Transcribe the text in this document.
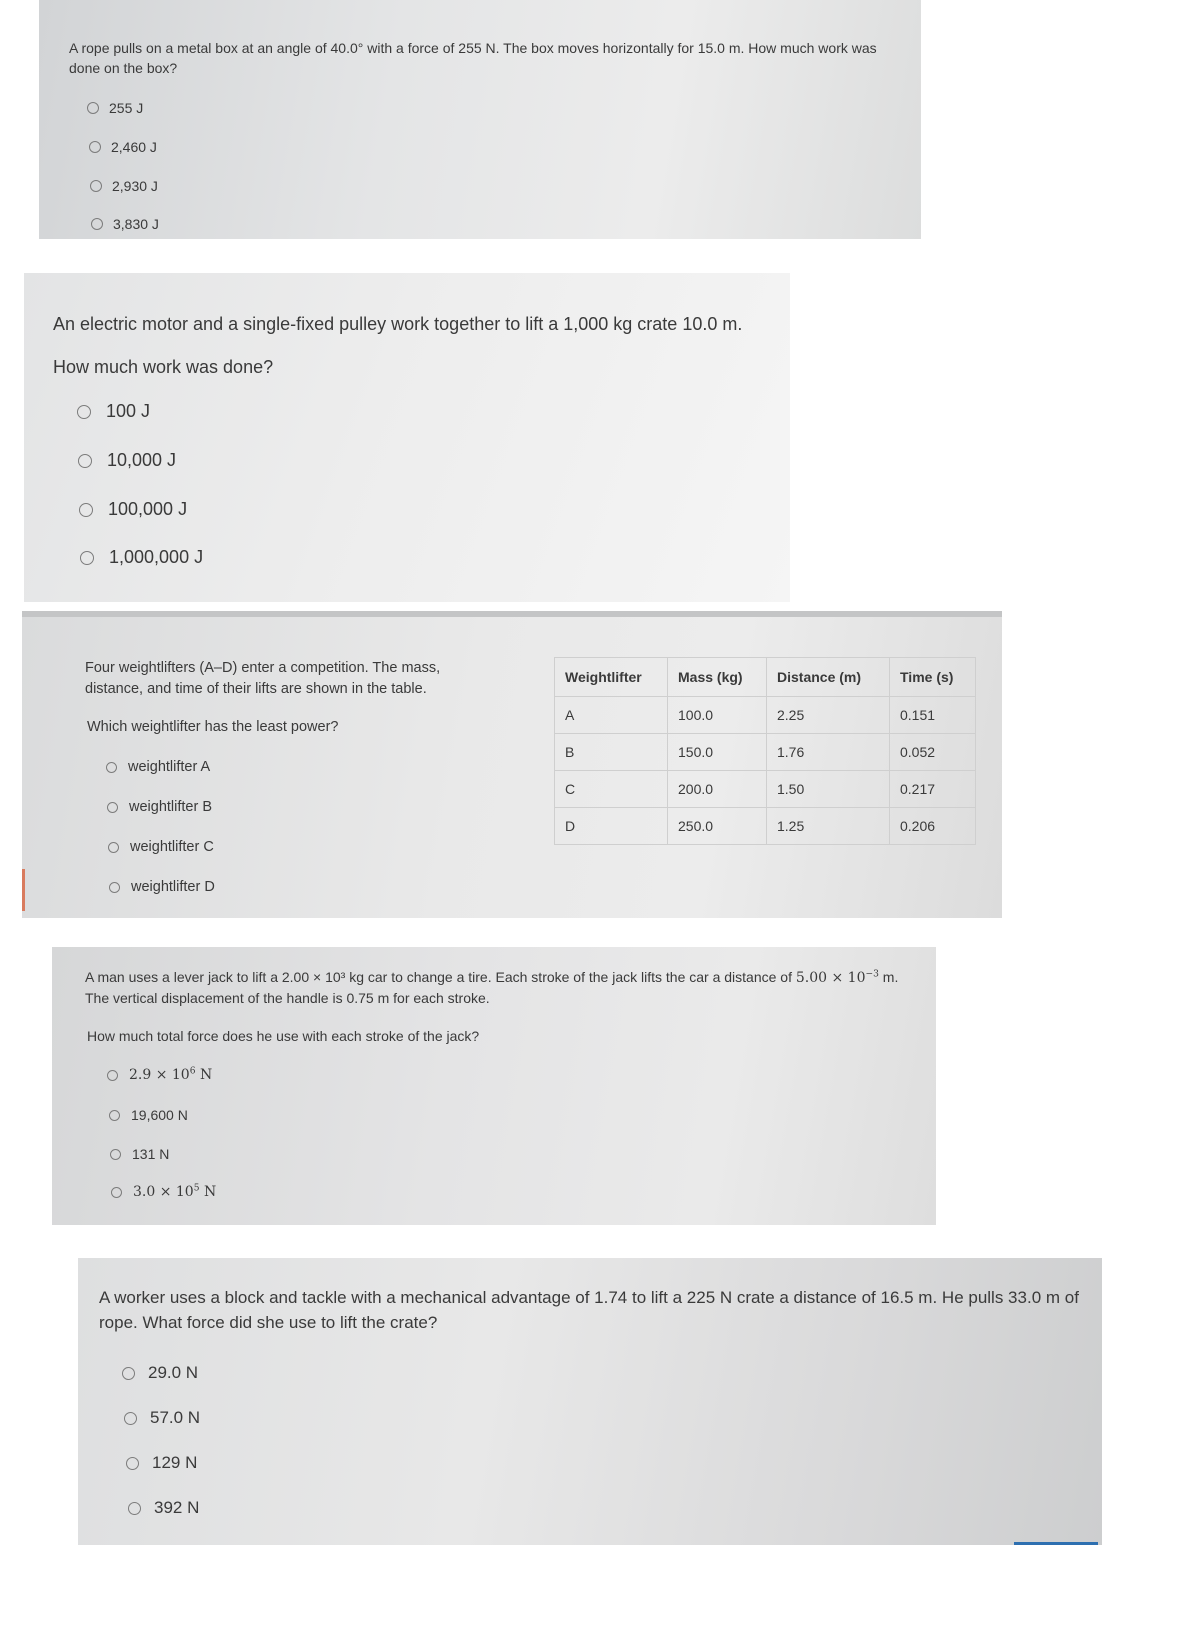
A rope pulls on a metal box at an angle of 40.0° with a force of 255 N. The box moves horizontally for 15.0 m. How much work was done on the box?

255 J
2,460 J
2,930 J
3,830 J

An electric motor and a single-fixed pulley work together to lift a 1,000 kg crate 10.0 m.

How much work was done?

100 J
10,000 J
100,000 J
1,000,000 J

Four weightlifters (A–D) enter a competition. The mass, distance, and time of their lifts are shown in the table.

Which weightlifter has the least power?

weightlifter A
weightlifter B
weightlifter C
weightlifter D
Weightlifter	Mass (kg)	Distance (m)	Time (s)
A	100.0	2.25	0.151
B	150.0	1.76	0.052
C	200.0	1.50	0.217
D	250.0	1.25	0.206

A man uses a lever jack to lift a 2.00 × 10³ kg car to change a tire. Each stroke of the jack lifts the car a distance of $5.00 \times 10^{-3}$ m.
The vertical displacement of the handle is 0.75 m for each stroke.

How much total force does he use with each stroke of the jack?

$2.9 \times 10^6$ N
19,600 N
131 N
$3.0 \times 10^5$ N

A worker uses a block and tackle with a mechanical advantage of 1.74 to lift a 225 N crate a distance of 16.5 m. He pulls 33.0 m of rope. What force did she use to lift the crate?

29.0 N
57.0 N
129 N
392 N
